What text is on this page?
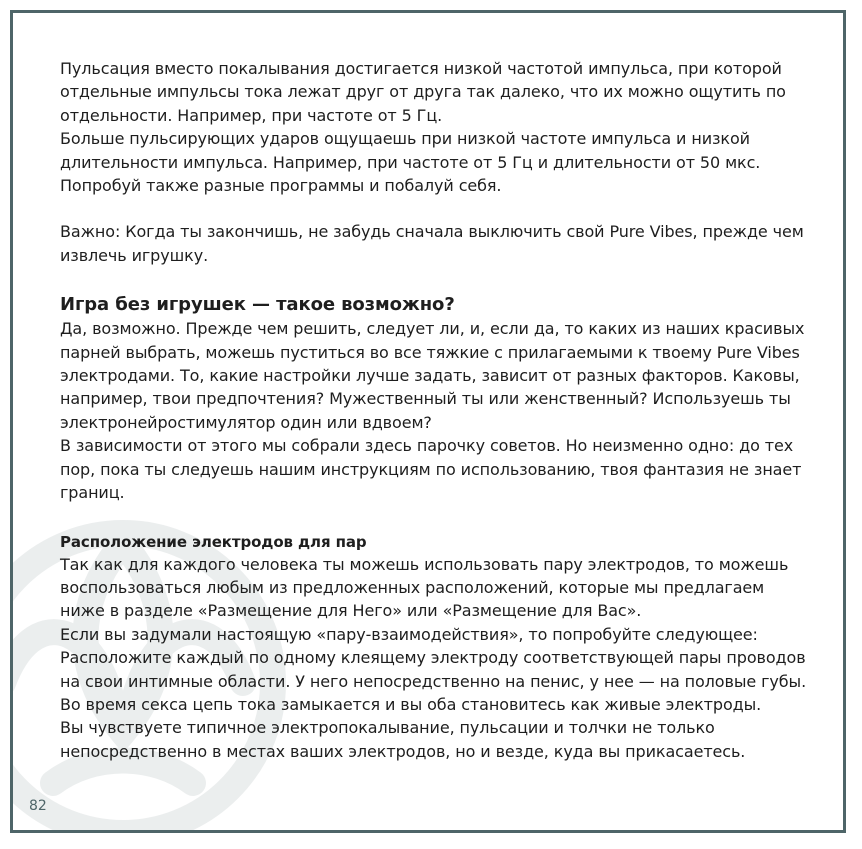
Пульсация вместо покалывания достигается низкой частотой импульса, при которой

отдельные импульсы тока лежат друг от друга так далеко, что их можно ощутить по

отдельности. Например, при частоте от 5 Гц.

Больше пульсирующих ударов ощущаешь при низкой частоте импульса и низкой

длительности импульса. Например, при частоте от 5 Гц и длительности от 50 мкс.

Попробуй также разные программы и побалуй себя.

Важно: Когда ты закончишь, не забудь сначала выключить свой Pure Vibes, прежде чем

извлечь игрушку.

Игра без игрушек — такое возможно?

Да, возможно. Прежде чем решить, следует ли, и, если да, то каких из наших красивых

парней выбрать, можешь пуститься во все тяжкие с прилагаемыми к твоему Pure Vibes

электродами. То, какие настройки лучше задать, зависит от разных факторов. Каковы,

например, твои предпочтения? Мужественный ты или женственный? Используешь ты

электронейростимулятор один или вдвоем?

В зависимости от этого мы собрали здесь парочку советов. Но неизменно одно: до тех

пор, пока ты следуешь нашим инструкциям по использованию, твоя фантазия не знает

границ.

Расположение электродов для пар

Так как для каждого человека ты можешь использовать пару электродов, то можешь

воспользоваться любым из предложенных расположений, которые мы предлагаем

ниже в разделе «Размещение для Него» или «Размещение для Вас».

Если вы задумали настоящую «пару-взаимодействия», то попробуйте следующее:

Расположите каждый по одному клеящему электроду соответствующей пары проводов

на свои интимные области. У него непосредственно на пенис, у нее — на половые губы.

Во время секса цепь тока замыкается и вы оба становитесь как живые электроды.

Вы чувствуете типичное электропокалывание, пульсации и толчки не только

непосредственно в местах ваших электродов, но и везде, куда вы прикасаетесь.

82
